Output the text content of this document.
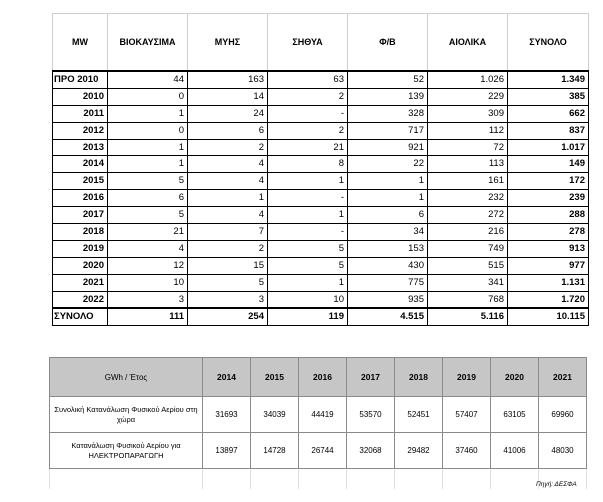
MW	ΒΙΟΚΑΥΣΙΜΑ	ΜΥΗΣ	ΣΗΘΥΑ	Φ/Β	ΑΙΟΛΙΚΑ	ΣΥΝΟΛΟ
ΠΡΟ 2010	44	163	63	52	1.026	1.349
2010	0	14	2	139	229	385
2011	1	24	-	328	309	662
2012	0	6	2	717	112	837
2013	1	2	21	921	72	1.017
2014	1	4	8	22	113	149
2015	5	4	1	1	161	172
2016	6	1	-	1	232	239
2017	5	4	1	6	272	288
2018	21	7	-	34	216	278
2019	4	2	5	153	749	913
2020	12	15	5	430	515	977
2021	10	5	1	775	341	1.131
2022	3	3	10	935	768	1.720
ΣΥΝΟΛΟ	111	254	119	4.515	5.116	10.115
GWh / Έτος	2014	2015	2016	2017	2018	2019	2020	2021
Συνολική Κατανάλωση Φυσικού Αερίου στη χώρα	31693	34039	44419	53570	52451	57407	63105	69960
Κατανάλωση Φυσικού Αερίου για ΗΛΕΚΤΡΟΠΑΡΑΓΩΓΗ	13897	14728	26744	32068	29482	37460	41006	48030

Πηγή: ΔΕΣΦΑ
